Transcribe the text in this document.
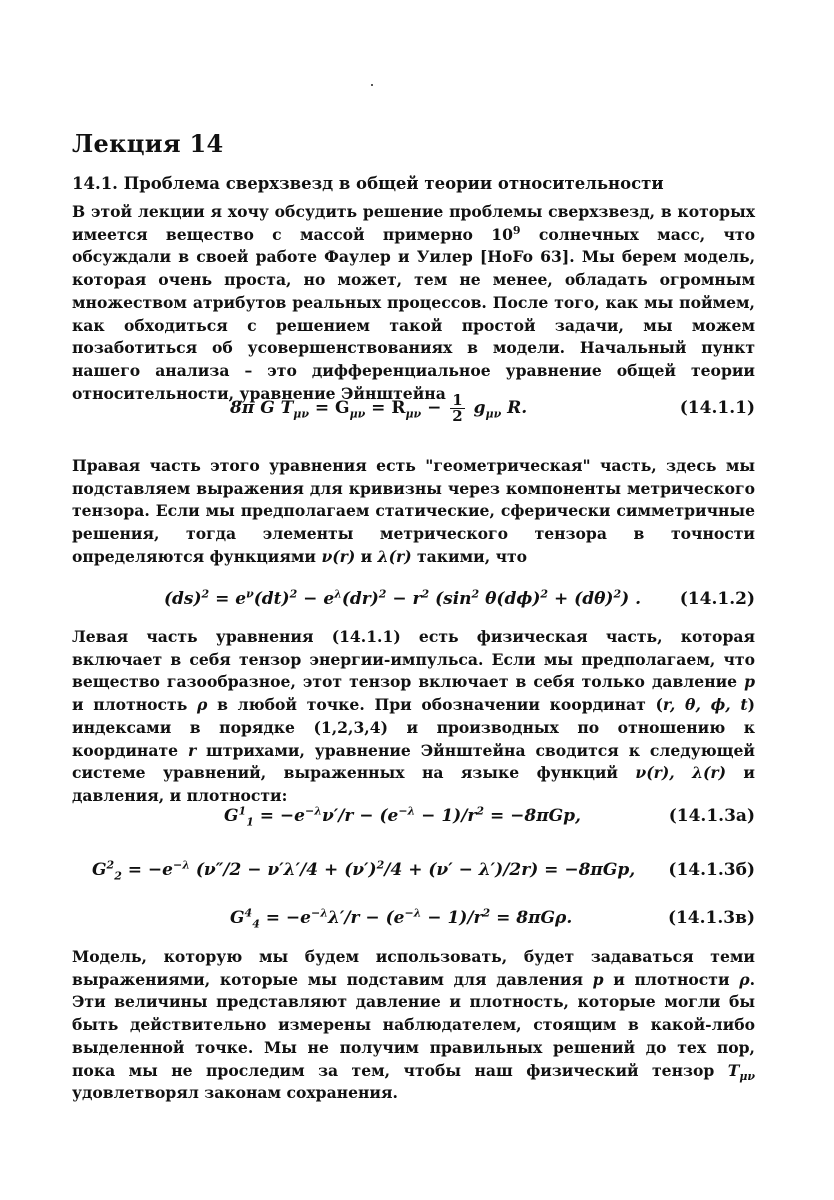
Лекция 14
14.1. Проблема сверхзвезд в общей теории относительности

В этой лекции я хочу обсудить решение проблемы сверхзвезд, в которых имеется вещество с массой примерно $10^9$ солнечных масс, что обсуждали в своей работе Фаулер и Уилер [HoFo 63]. Мы берем модель, которая очень проста, но может, тем не менее, обладать огромным множеством атрибутов реальных процессов. После того, как мы поймем, как обходиться с решением такой простой задачи, мы можем позаботиться об усовершенствованиях в модели. Начальный пункт нашего анализа – это дифференциальное уравнение общей теории относительности, уравнение Эйнштейна

8π G $T_{\mu\nu} = G_{\mu\nu} = R_{\mu\nu} - \frac{1}{2} g_{\mu\nu}$ R.	(14.1.1)

Правая часть этого уравнения есть "геометрическая" часть, здесь мы подставляем выражения для кривизны через компоненты метрического тензора. Если мы предполагаем статические, сферически симметричные решения, тогда элементы метрического тензора в точности определяются функциями ν(r) и λ(r) такими, что

$(ds)^2 = e^\nu(dt)^2 - e^\lambda(dr)^2 - r^2$ ($\sin^2$ $\theta(d\phi)^2 + (d\theta)^2$) . (14.1.2)

Левая часть уравнения (14.1.1) есть физическая часть, которая включает в себя тензор энергии-импульса. Если мы предполагаем, что вещество газообразное, этот тензор включает в себя только давление p и плотность ρ в любой точке. При обозначении координат (r, θ, ϕ, t) индексами в порядке (1,2,3,4) и производных по отношению к координате r штрихами, уравнение Эйнштейна сводится к следующей системе уравнений, выраженных на языке функций ν(r), λ(r) и давления, и плотности:

$G^1_1 = -e^{-\lambda}\nu'/r - (e^{-\lambda} - 1)/r^2 = -8\pi Gp$,	(14.1.3а)
$G^2_2 = -e^{-\lambda}$ $(\nu''/2 - \nu'\lambda'/4 + (\nu')^2/4 + (\nu' - \lambda')/2r) = -8\pi Gp$, (14.1.3б)
$G^4_4 = -e^{-\lambda}\lambda'/r - (e^{-\lambda} - 1)/r^2 = 8\pi G\rho$.	(14.1.3в)

Модель, которую мы будем использовать, будет задаваться теми выражениями, которые мы подставим для давления p и плотности ρ. Эти величины представляют давление и плотность, которые могли бы быть действительно измерены наблюдателем, стоящим в какой-либо выделенной точке. Мы не получим правильных решений до тех пор, пока мы не проследим за тем, чтобы наш физический тензор $T_{\mu\nu}$ удовлетворял законам сохранения.
